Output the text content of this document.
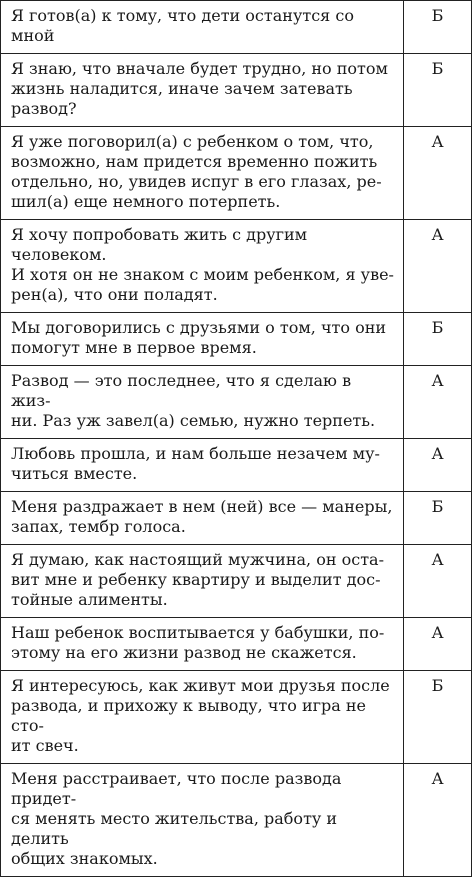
Я готов(а) к тому, что дети останутся со мной	Б

Я знаю, что вначале будет трудно, но потом
жизнь наладится, иначе зачем затевать развод?	Б

Я уже поговорил(а) с ребенком о том, что,
возможно, нам придется временно пожить
отдельно, но, увидев испуг в его глазах, ре-
шил(а) еще немного потерпеть.	А

Я хочу попробовать жить с другим человеком.
И хотя он не знаком с моим ребенком, я увe-
рен(а), что они поладят.	А

Мы договорились с друзьями о том, что они
помогут мне в первое время.	Б

Развод — это последнее, что я сделаю в жиз-
ни. Раз уж завел(а) семью, нужно терпеть.	А

Любовь прошла, и нам больше незачем му-
читься вместе.	А

Меня раздражает в нем (ней) все — манеры,
запах, тембр голоса.	Б

Я думаю, как настоящий мужчина, он оста-
вит мне и ребенку квартиру и выделит дос-
тойные алименты.	А

Наш ребенок воспитывается у бабушки, по-
этому на его жизни развод не скажется.	А

Я интересуюсь, как живут мои друзья после
развода, и прихожу к выводу, что игра не сто-
ит свеч.	Б

Меня расстраивает, что после развода придет-
ся менять место жительства, работу и делить
общих знакомых.	А
